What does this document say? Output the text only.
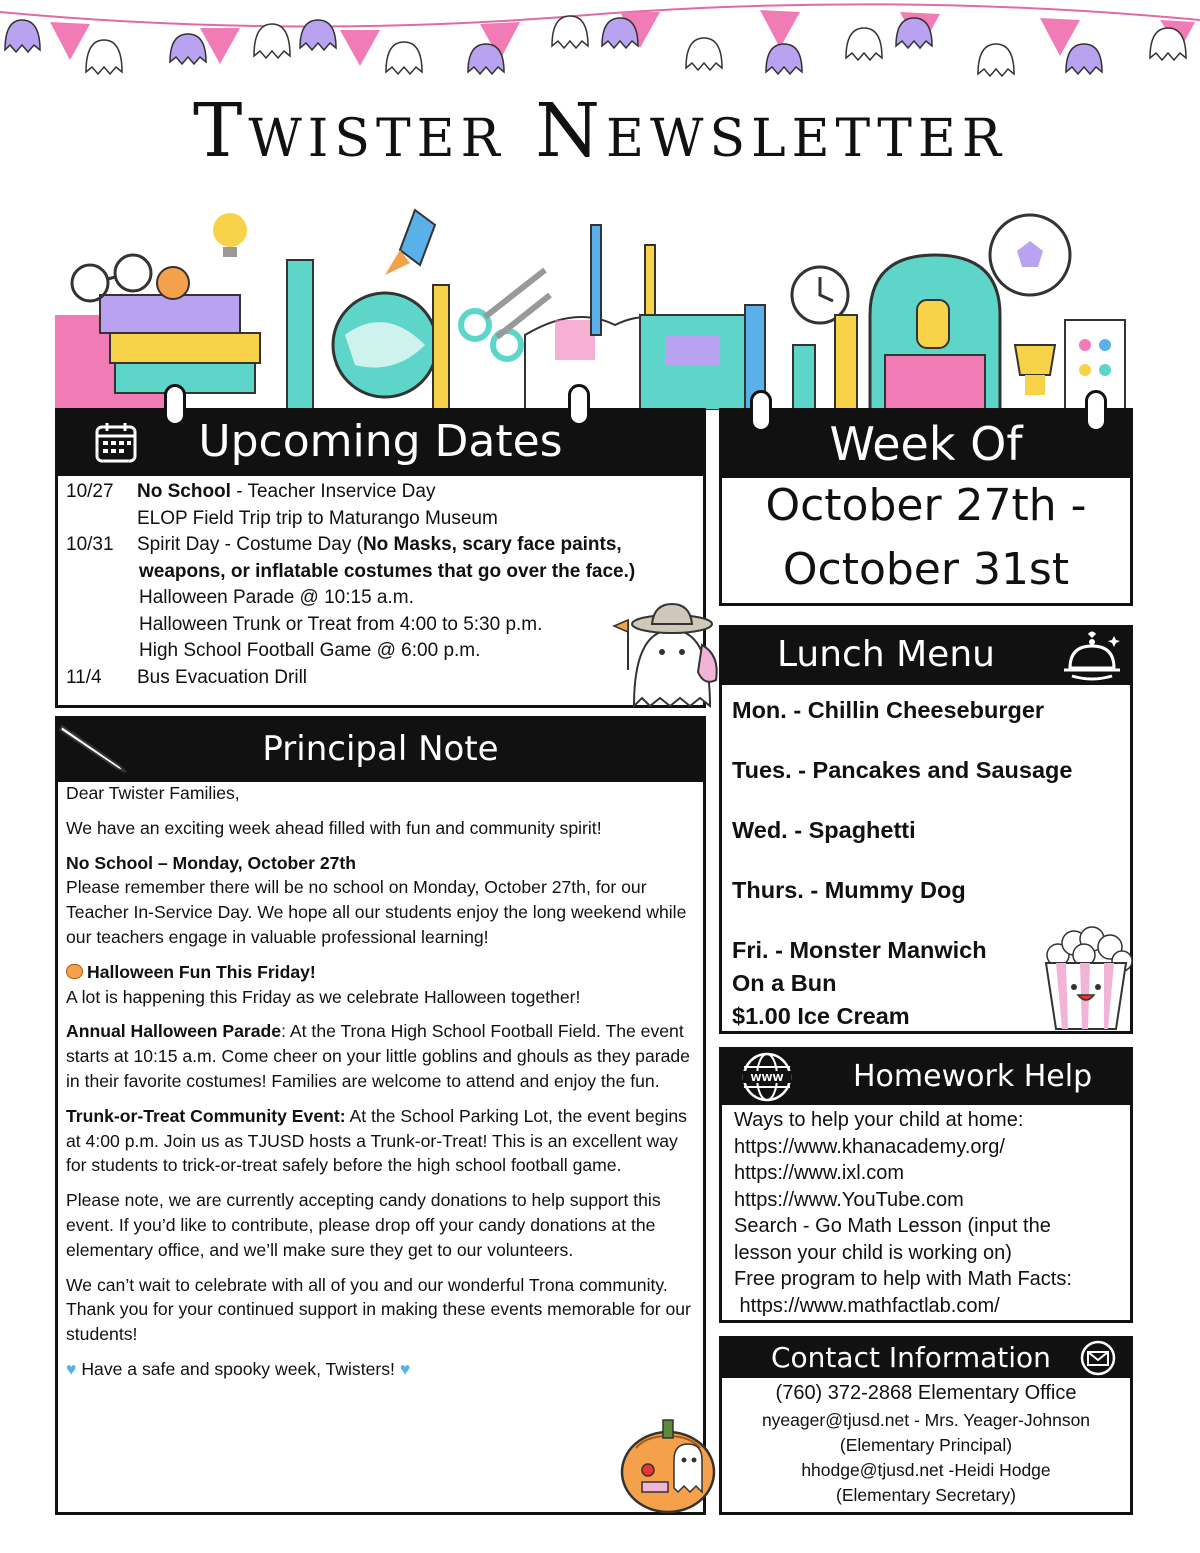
Twister Newsletter
Upcoming Dates
10/27	No School - Teacher Inservice Day
ELOP Field Trip trip to Maturango Museum
10/31	Spirit Day - Costume Day (No Masks, scary face paints,
weapons, or inflatable costumes that go over the face.)
Halloween Parade @ 10:15 a.m.
Halloween Trunk or Treat from 4:00 to 5:30 p.m.
High School Football Game @ 6:00 p.m.
11/4	Bus Evacuation Drill
Principal Note

Dear Twister Families,

We have an exciting week ahead filled with fun and community spirit!

No School – Monday, October 27th
Please remember there will be no school on Monday, October 27th, for our Teacher In-Service Day. We hope all our students enjoy the long weekend while our teachers engage in valuable professional learning!

Halloween Fun This Friday!
A lot is happening this Friday as we celebrate Halloween together!

Annual Halloween Parade: At the Trona High School Football Field. The event starts at 10:15 a.m. Come cheer on your little goblins and ghouls as they parade in their favorite costumes! Families are welcome to attend and enjoy the fun.

Trunk-or-Treat Community Event: At the School Parking Lot, the event begins at 4:00 p.m. Join us as TJUSD hosts a Trunk-or-Treat! This is an excellent way for students to trick-or-treat safely before the high school football game.

Please note, we are currently accepting candy donations to help support this event. If you’d like to contribute, please drop off your candy donations at the elementary office, and we’ll make sure they get to our volunteers.

We can’t wait to celebrate with all of you and our wonderful Trona community. Thank you for your continued support in making these events memorable for our students!

♥ Have a safe and spooky week, Twisters! ♥

Week Of
October 27th -
October 31st
Lunch Menu
Mon. - Chillin Cheeseburger
Tues. - Pancakes and Sausage
Wed. - Spaghetti
Thurs. - Mummy Dog
Fri. - Monster Manwich
On a Bun
$1.00 Ice Cream
Homework Help
WWW
Ways to help your child at home:
https://www.khanacademy.org/
https://www.ixl.com
https://www.YouTube.com
Search - Go Math Lesson (input the
lesson your child is working on)
Free program to help with Math Facts:
https://www.mathfactlab.com/
Contact Information
(760) 372-2868 Elementary Office
nyeager@tjusd.net - Mrs. Yeager-Johnson
(Elementary Principal)
hhodge@tjusd.net -Heidi Hodge
(Elementary Secretary)
